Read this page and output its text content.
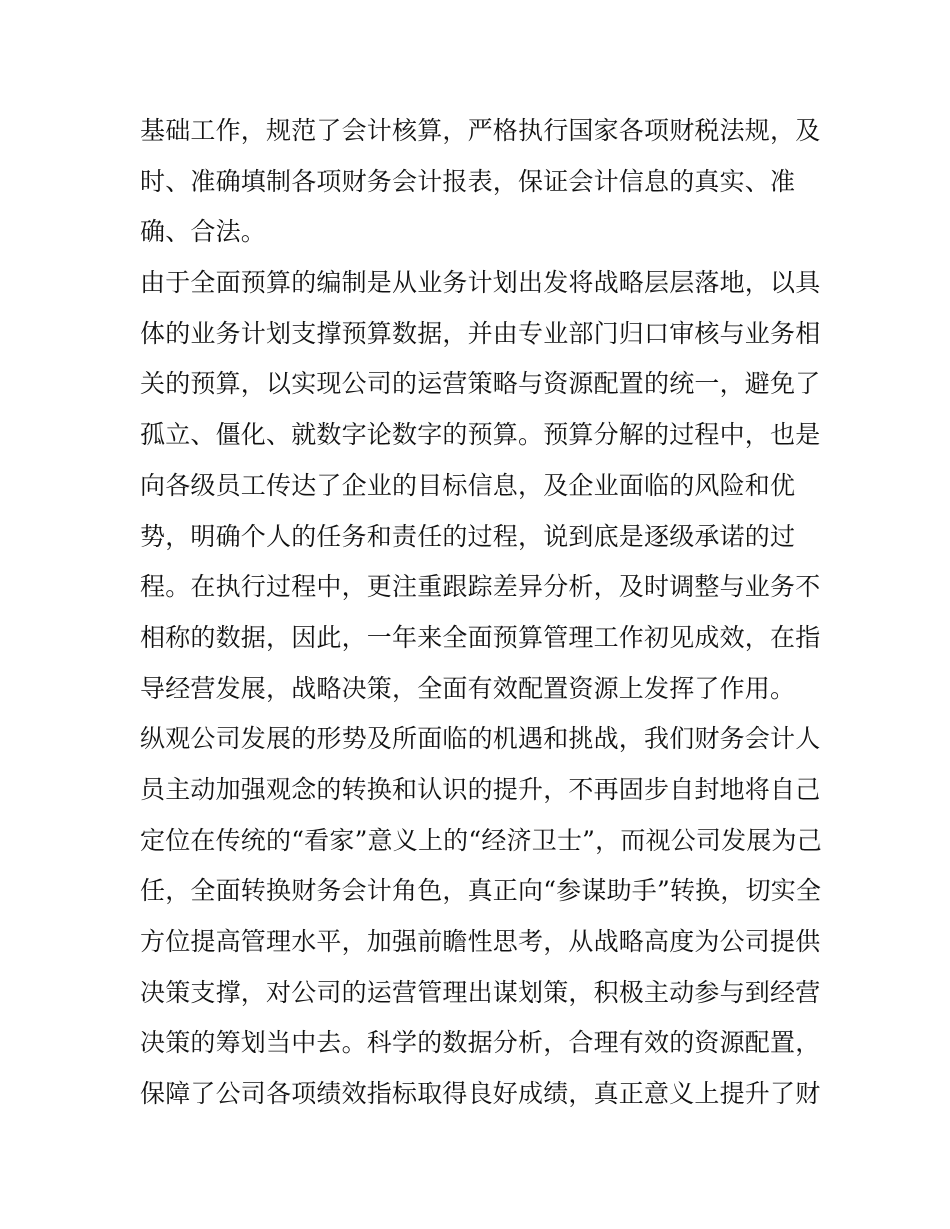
基础工作，规范了会计核算，严格执行国家各项财税法规，及
时、准确填制各项财务会计报表，保证会计信息的真实、准
确、合法。
由于全面预算的编制是从业务计划出发将战略层层落地，以具
体的业务计划支撑预算数据，并由专业部门归口审核与业务相
关的预算，以实现公司的运营策略与资源配置的统一，避免了
孤立、僵化、就数字论数字的预算。预算分解的过程中，也是
向各级员工传达了企业的目标信息，及企业面临的风险和优
势，明确个人的任务和责任的过程，说到底是逐级承诺的过
程。在执行过程中，更注重跟踪差异分析，及时调整与业务不
相称的数据，因此，一年来全面预算管理工作初见成效，在指
导经营发展，战略决策，全面有效配置资源上发挥了作用。
纵观公司发展的形势及所面临的机遇和挑战，我们财务会计人
员主动加强观念的转换和认识的提升，不再固步自封地将自己
定位在传统的“看家”意义上的“经济卫士”，而视公司发展为己
任，全面转换财务会计角色，真正向“参谋助手”转换，切实全
方位提高管理水平，加强前瞻性思考，从战略高度为公司提供
决策支撑，对公司的运营管理出谋划策，积极主动参与到经营
决策的筹划当中去。科学的数据分析，合理有效的资源配置，
保障了公司各项绩效指标取得良好成绩，真正意义上提升了财
